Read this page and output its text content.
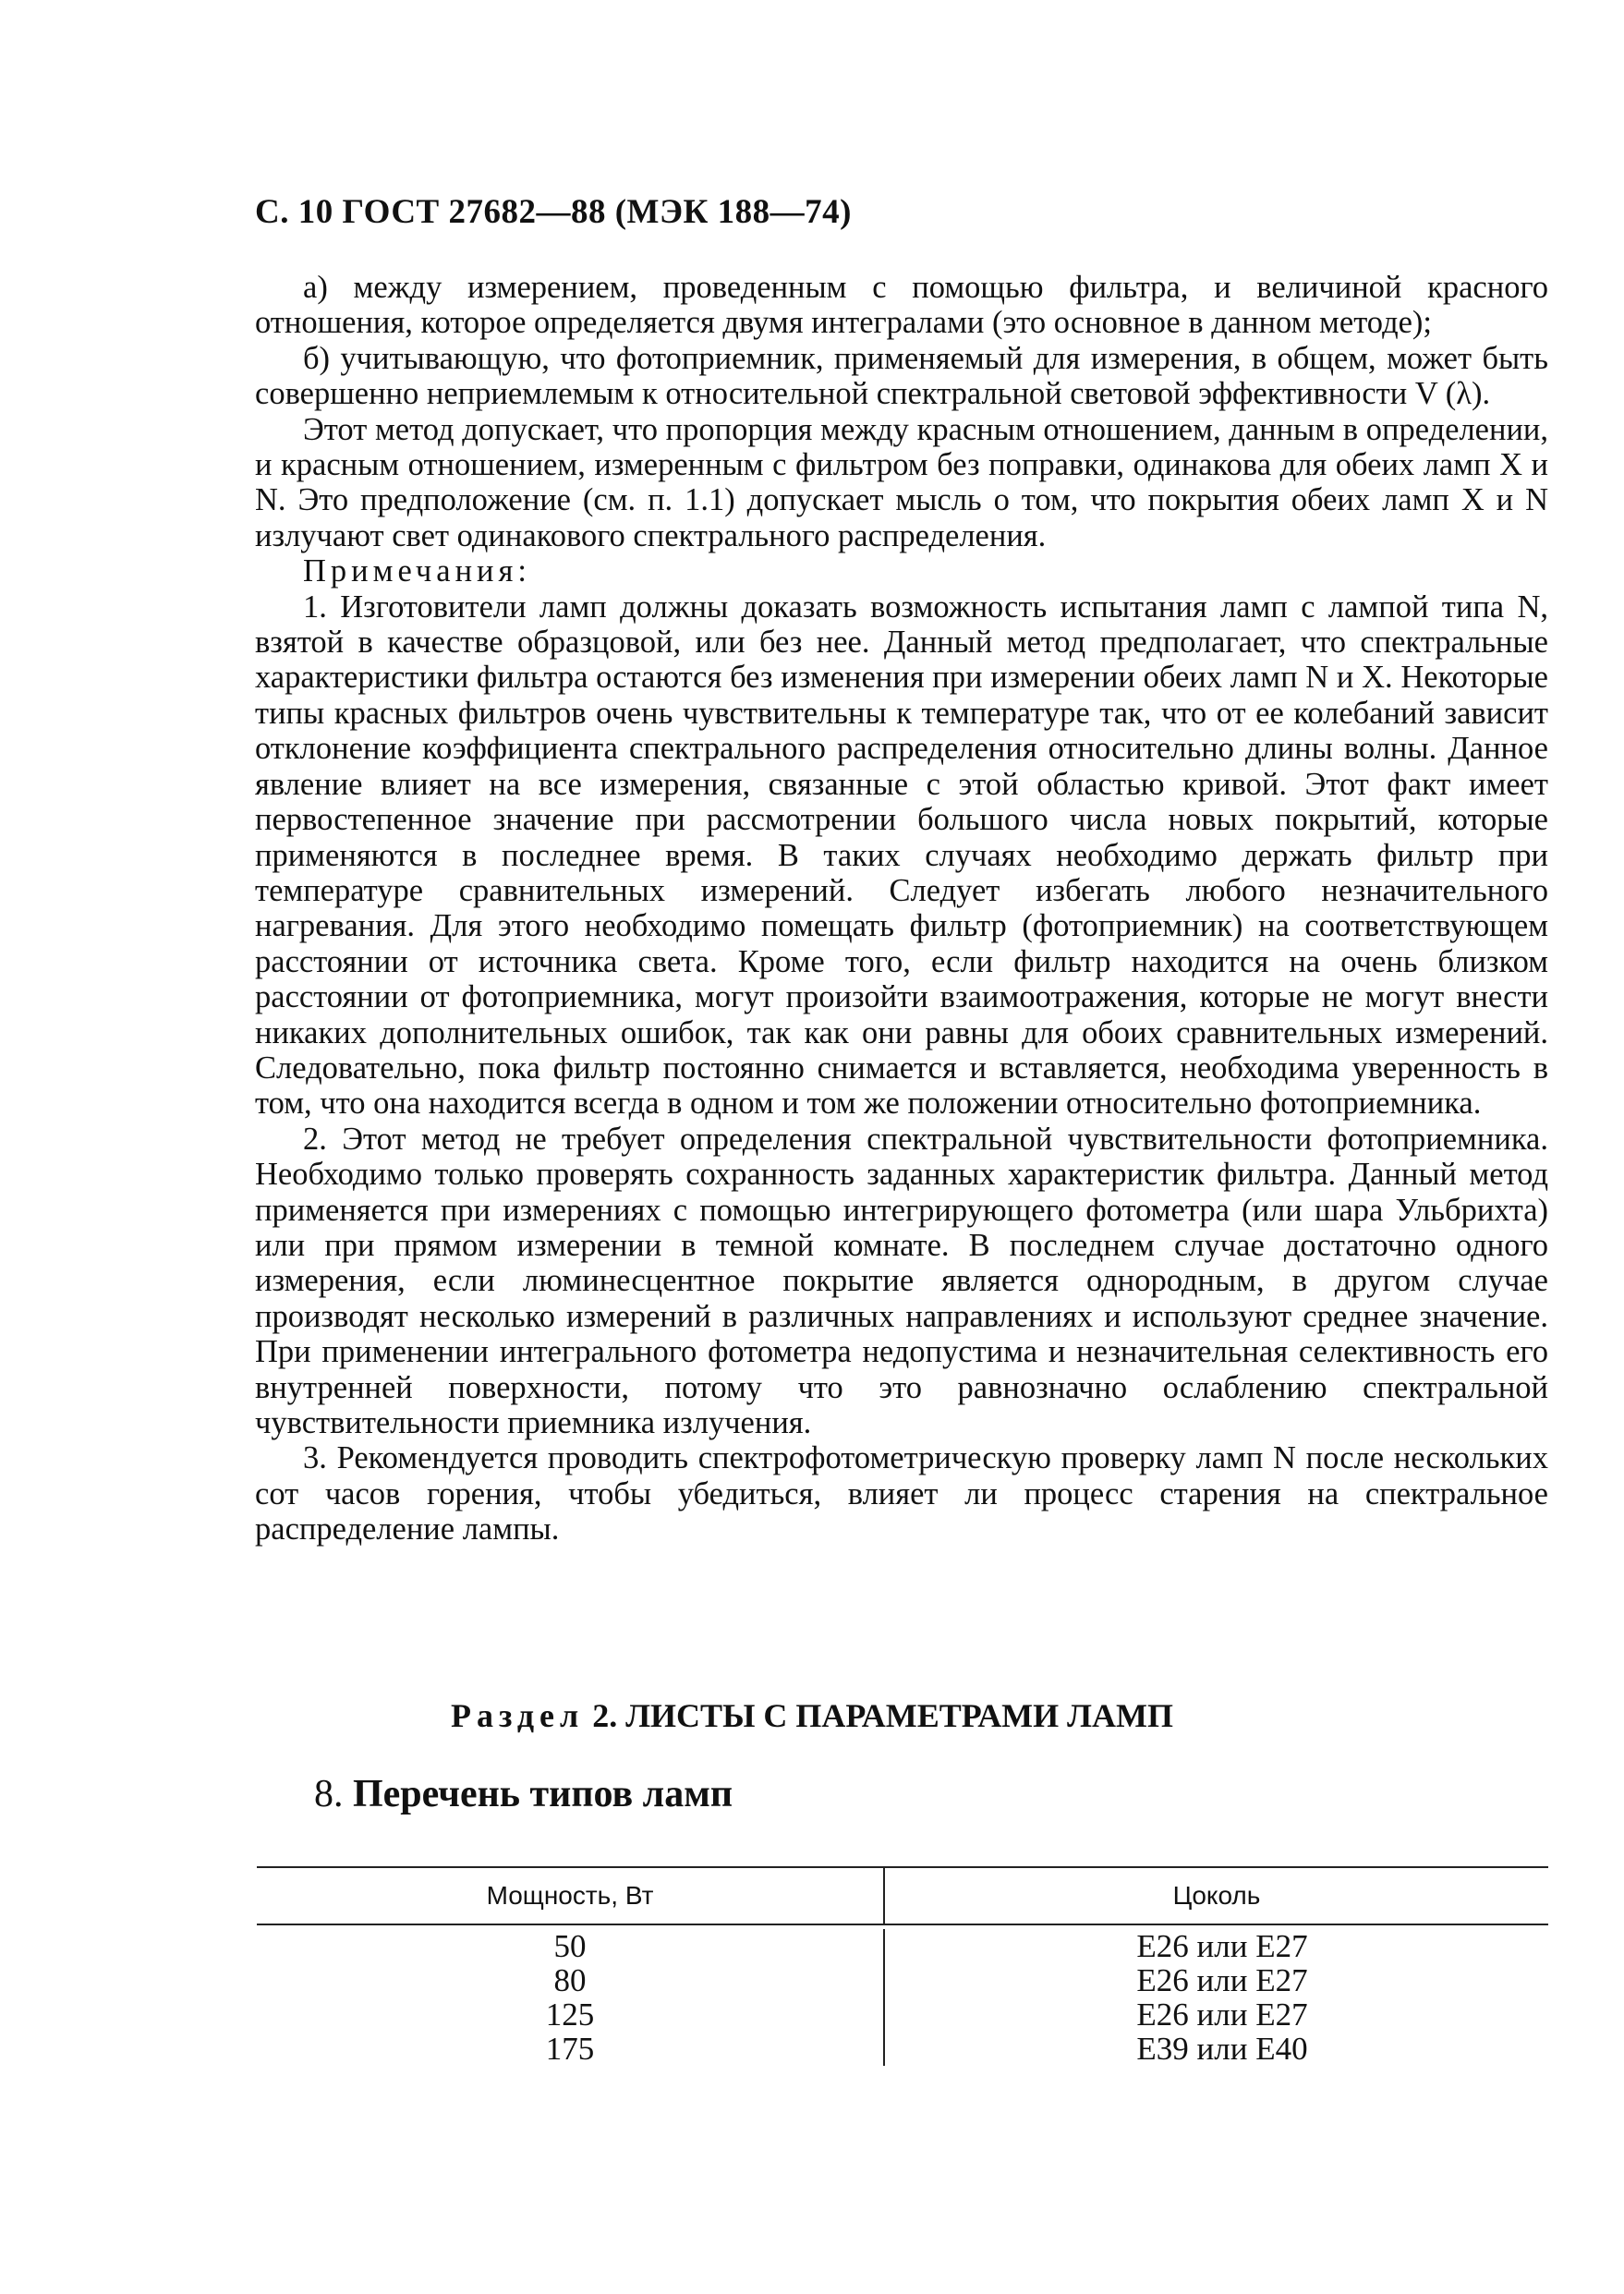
С. 10 ГОСТ 27682—88 (МЭК 188—74)

а) между измерением, проведенным с помощью фильтра, и величиной красного отношения, которое определяется двумя интегралами (это основное в данном методе);

б) учитывающую, что фотоприемник, применяемый для измерения, в общем, может быть совершенно неприемлемым к относительной спектральной световой эффективности V (λ).

Этот метод допускает, что пропорция между красным отношением, данным в определении, и красным отношением, измеренным с фильтром без поправки, одинакова для обеих ламп X и N. Это предположение (см. п. 1.1) допускает мысль о том, что покрытия обеих ламп X и N излучают свет одинакового спектрального распределения.

Примечания:

1. Изготовители ламп должны доказать возможность испытания ламп с лампой типа N, взятой в качестве образцовой, или без нее. Данный метод предполагает, что спектральные характеристики фильтра остаются без изменения при измерении обеих ламп N и X. Некоторые типы красных фильтров очень чувствительны к температуре так, что от ее колебаний зависит отклонение коэффициента спектрального распределения относительно длины волны. Данное явление влияет на все измерения, связанные с этой областью кривой. Этот факт имеет первостепенное значение при рассмотрении большого числа новых покрытий, которые применяются в последнее время. В таких случаях необходимо держать фильтр при температуре сравнительных измерений. Следует избегать любого незначительного нагревания. Для этого необходимо помещать фильтр (фотоприемник) на соответствующем расстоянии от источника света. Кроме того, если фильтр находится на очень близком расстоянии от фотоприемника, могут произойти взаимоотражения, которые не могут внести никаких дополнительных ошибок, так как они равны для обоих сравнительных измерений. Следовательно, пока фильтр постоянно снимается и вставляется, необходима уверенность в том, что она находится всегда в одном и том же положении относительно фотоприемника.

2. Этот метод не требует определения спектральной чувствительности фотоприемника. Необходимо только проверять сохранность заданных характеристик фильтра. Данный метод применяется при измерениях с помощью интегрирующего фотометра (или шара Ульбрихта) или при прямом измерении в темной комнате. В последнем случае достаточно одного измерения, если люминесцентное покрытие является однородным, в другом случае производят несколько измерений в различных направлениях и используют среднее значение. При применении интегрального фотометра недопустима и незначительная селективность его внутренней поверхности, потому что это равнозначно ослаблению спектральной чувствительности приемника излучения.

3. Рекомендуется проводить спектрофотометрическую проверку ламп N после нескольких сот часов горения, чтобы убедиться, влияет ли процесс старения на спектральное распределение лампы.

Раздел 2. ЛИСТЫ С ПАРАМЕТРАМИ ЛАМП
8. Перечень типов ламп
Мощность, Вт	Цоколь
50	E26 или E27
80	E26 или E27
125	E26 или E27
175	E39 или E40
